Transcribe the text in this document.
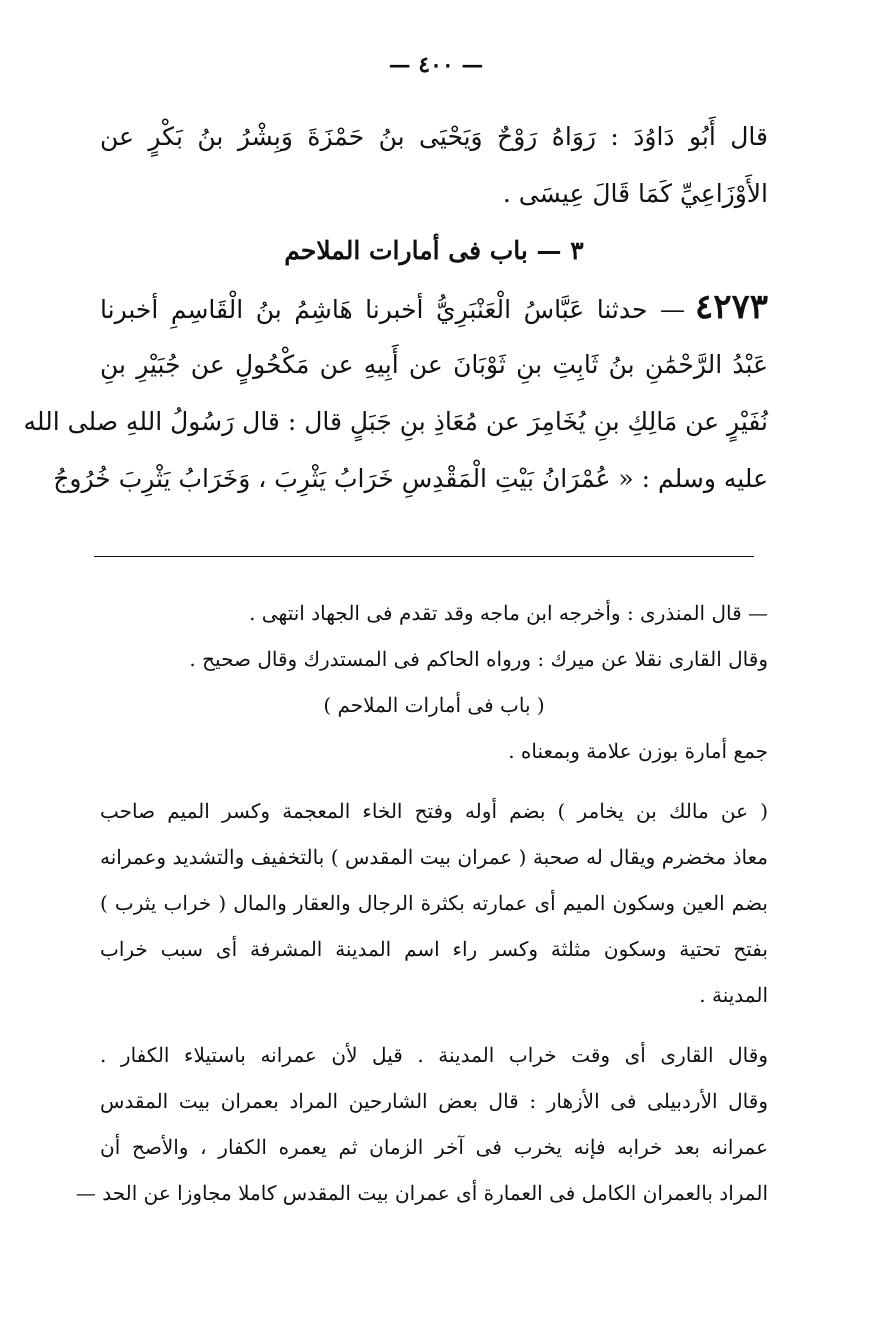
— ٤٠٠ —

قال أَبُو دَاوُدَ : رَوَاهُ رَوْحٌ وَيَحْيَى بنُ حَمْزَةَ وَبِشْرُ بنُ بَكْرٍ عن

الأَوْزَاعِيِّ كَمَا قَالَ عِيسَى .

٣ — باب فى أمارات الملاحم

٤٢٧٣— حدثنا عَبَّاسُ الْعَنْبَرِيُّ أخبرنا هَاشِمُ بنُ الْقَاسِمِ أخبرنا

عَبْدُ الرَّحْمَٰنِ بنُ ثَابِتِ بنِ ثَوْبَانَ عن أَبِيهِ عن مَكْحُولٍ عن جُبَيْرِ بنِ

نُفَيْرٍ عن مَالِكِ بنِ يُخَامِرَ عن مُعَاذِ بنِ جَبَلٍ قال : قال رَسُولُ اللهِ صلى الله

عليه وسلم : « عُمْرَانُ بَيْتِ الْمَقْدِسِ خَرَابُ يَثْرِبَ ، وَخَرَابُ يَثْرِبَ خُرُوجُ

— قال المنذرى : وأخرجه ابن ماجه وقد تقدم فى الجهاد انتهى .

وقال القارى نقلا عن ميرك : ورواه الحاكم فى المستدرك وقال صحيح .

( باب فى أمارات الملاحم )

جمع أمارة بوزن علامة وبمعناه .

( عن مالك بن يخامر ) بضم أوله وفتح الخاء المعجمة وكسر الميم صاحب

معاذ مخضرم ويقال له صحبة ( عمران بيت المقدس ) بالتخفيف والتشديد وعمرانه

بضم العين وسكون الميم أى عمارته بكثرة الرجال والعقار والمال ( خراب يثرب )

بفتح تحتية وسكون مثلثة وكسر راء اسم المدينة المشرفة أى سبب خراب

المدينة .

وقال القارى أى وقت خراب المدينة . قيل لأن عمرانه باستيلاء الكفار .

وقال الأردبيلى فى الأزهار : قال بعض الشارحين المراد بعمران بيت المقدس

عمرانه بعد خرابه فإنه يخرب فى آخر الزمان ثم يعمره الكفار ، والأصح أن

المراد بالعمران الكامل فى العمارة أى عمران بيت المقدس كاملا مجاوزا عن الحد —
